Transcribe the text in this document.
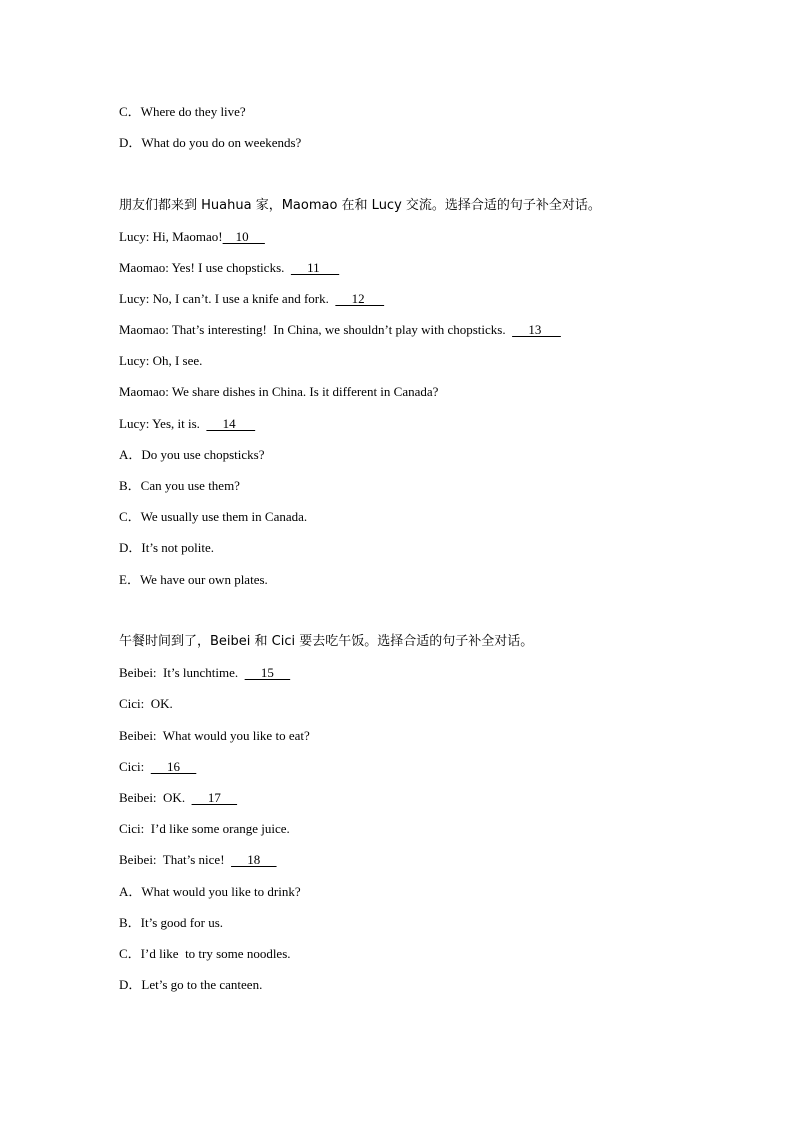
C．Where do they live?
D．What do you do on weekends?
朋友们都来到 Huahua 家，Maomao 在和 Lucy 交流。选择合适的句子补全对话。
Lucy: Hi, Maomao!    10
Maomao: Yes! I use chopsticks.       11
Lucy: No, I can’t. I use a knife and fork.       12
Maomao: That’s interesting!  In China, we shouldn’t play with chopsticks.       13
Lucy: Oh, I see.
Maomao: We share dishes in China. Is it different in Canada?
Lucy: Yes, it is.       14
A．Do you use chopsticks?
B．Can you use them?
C．We usually use them in Canada.
D．It’s not polite.
E．We have our own plates.
午餐时间到了，Beibei 和 Cici 要去吃午饭。选择合适的句子补全对话。
Beibei:  It’s lunchtime.       15
Cici:  OK.
Beibei:  What would you like to eat?
Cici:       16
Beibei:  OK.       17
Cici:  I’d like some orange juice.
Beibei:  That’s nice!       18
A．What would you like to drink?
B．It’s good for us.
C．I’d like  to try some noodles.
D．Let’s go to the canteen.
